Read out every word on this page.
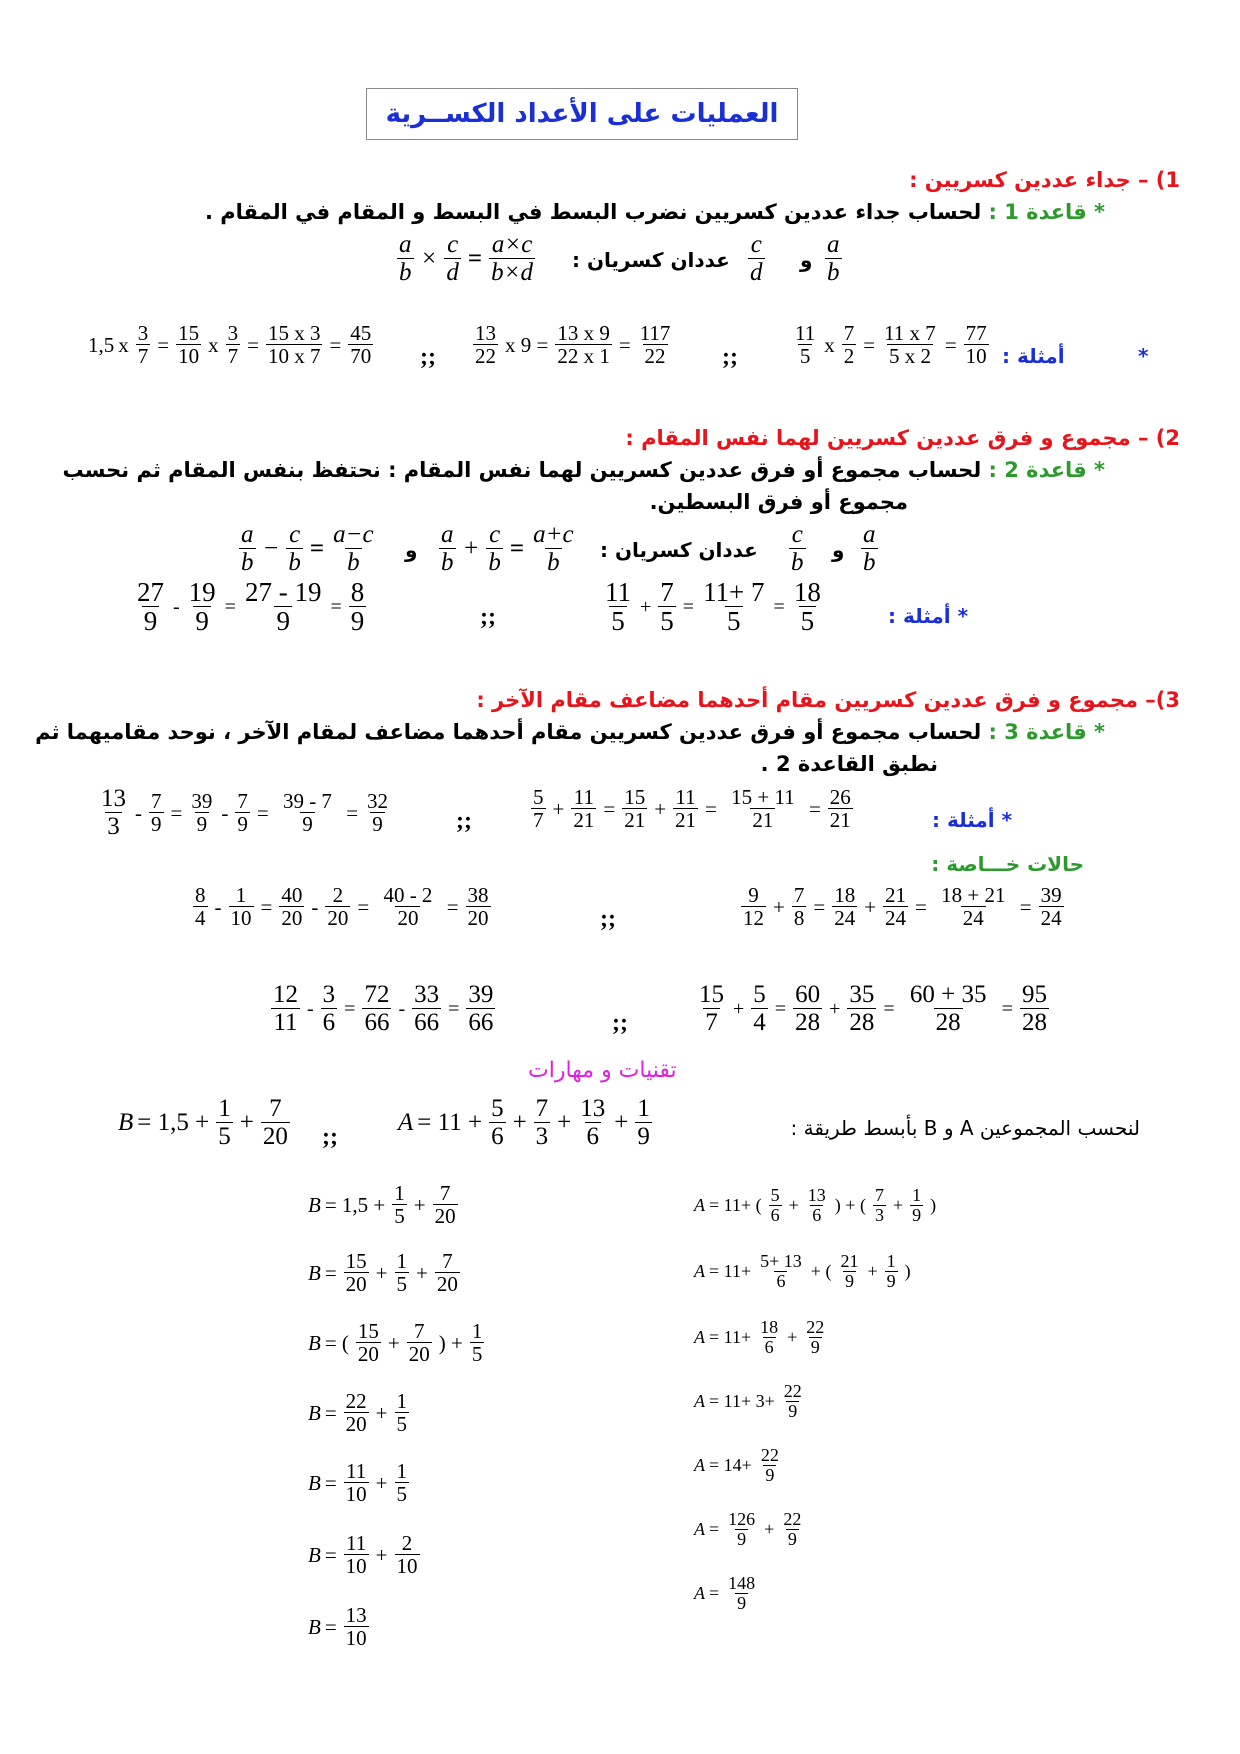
العمليات على الأعداد الكســرية
1) – جداء عددين كسريين :
* قاعدة 1 : لحساب جداء عددين كسريين نضرب البسط في البسط و المقام في المقام .
$\frac{a}{b} \times \frac{c}{d} = \frac{a\times c}{b\times d}$ عددان كسريان :
c
d و
a
b
1,5 x $\frac{3}{7} = \frac{15}{10}$ x $\frac{3}{7} = \frac{15 x 3}{10 x 7} = \frac{45}{70}$ ;;
13
22 x $9 = \frac{13 x 9}{22 x 1} = \frac{117}{22}$ ;;
11
5 x $\frac{7}{2} = \frac{11 x 7}{5 x 2} = \frac{77}{10}$ أمثلة :	*
2) – مجموع و فرق عددين كسريين لهما نفس المقام :
* قاعدة 2 : لحساب مجموع أو فرق عددين كسريين لهما نفس المقام : نحتفظ بنفس المقام ثم نحسب
مجموع أو فرق البسطين.
a
b
− $\frac{c}{b} = \frac{a-c}{b}$ و
a
b
+ $\frac{c}{b} = \frac{a+c}{b}$ عددان كسريان :
c
b و
a
b
27
$9 - \frac{19}{9} = \frac{27 - 19}{9} = \frac{8}{9}$	;;
11
$5 + \frac{7}{5} = \frac{11+ 7}{5} = \frac{18}{5}$	* أمثلة :
3)– مجموع و فرق عددين كسريين مقام أحدهما مضاعف مقام الآخر :
* قاعدة 3 : لحساب مجموع أو فرق عددين كسريين مقام أحدهما مضاعف لمقام الآخر ، نوحد مقاميهما ثم
نطبق القاعدة 2 .
13
3
- $\frac{7}{9} = \frac{39}{9} - \frac{7}{9} = \frac{39 - 7}{9} = \frac{32}{9}$	;;
5
$7 + \frac{11}{21} = \frac{15}{21} + \frac{11}{21} = \frac{15 + 11}{21} = \frac{26}{21}$	* أمثلة :
حالات خـــاصة :
8
$4 - \frac{1}{10} = \frac{40}{20} - \frac{2}{20} = \frac{40 - 2}{20} = \frac{38}{20}$	;;
9
$12 + \frac{7}{8} = \frac{18}{24} + \frac{21}{24} = \frac{18 + 21}{24} = \frac{39}{24}$
12
11
- $\frac{3}{6} = \frac{72}{66} - \frac{33}{66} = \frac{39}{66}$	;;
15
7
+ $\frac{5}{4} = \frac{60}{28} + \frac{35}{28} = \frac{60 + 35}{28} = \frac{95}{28}$
تقنيات و مهارات
$B = 1,5 + \frac{1}{5} + \frac{7}{20}$ ;;
$A = 11 + \frac{5}{6} + \frac{7}{3} + \frac{13}{6} + \frac{1}{9}$	لنحسب المجموعين A و B بأبسط طريقة :
$B = 1,5 + \frac{1}{5} + \frac{7}{20}$
$B = \frac{15}{20} + \frac{1}{5} + \frac{7}{20}$
B = ( 15
$20 + \frac{7}{20}$ ) + $\frac{1}{5}$
$B = \frac{22}{20} + \frac{1}{5}$
$B = \frac{11}{10} + \frac{1}{5}$
$B = \frac{11}{10} + \frac{2}{10}$
$B = \frac{13}{10}$
A = 11+ (
5
$6 + \frac{13}{6}$ ) + (
7
$3 + \frac{1}{9}$ )
$A = 11+ \frac{5+ 13}{6}$ + (
21
$9 + \frac{1}{9}$ )
$A = 11+ \frac{18}{6} + \frac{22}{9}$
$A = 11+ 3+ \frac{22}{9}$
$A = 14+ \frac{22}{9}$
$A = \frac{126}{9} + \frac{22}{9}$
$A = \frac{148}{9}$
